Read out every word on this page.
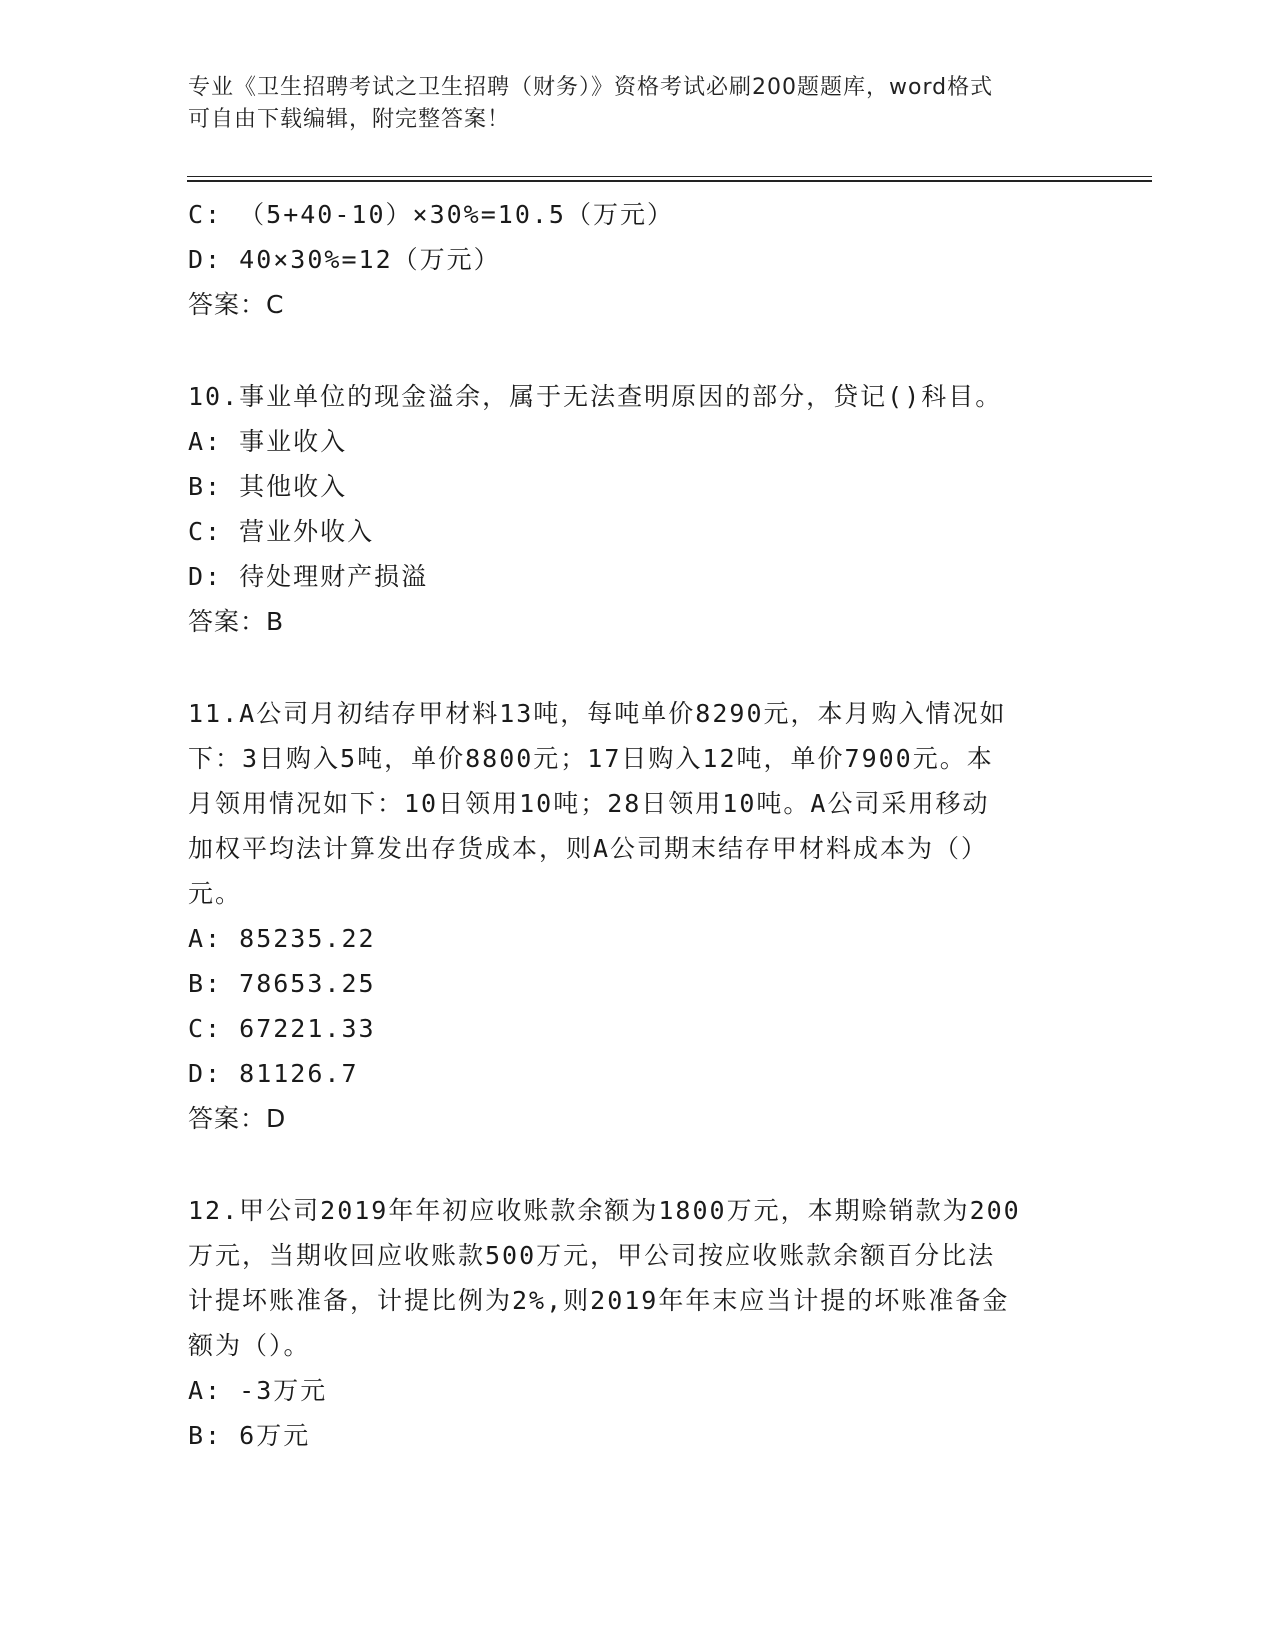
专业《卫生招聘考试之卫生招聘（财务）》资格考试必刷200题题库，word格式
可自由下载编辑，附完整答案！
C: （5+40-10）×30%=10.5（万元）
D: 40×30%=12（万元）
答案：C
10.事业单位的现金溢余，属于无法查明原因的部分，贷记()科目。
A: 事业收入
B: 其他收入
C: 营业外收入
D: 待处理财产损溢
答案：B
11.A公司月初结存甲材料13吨，每吨单价8290元，本月购入情况如
下：3日购入5吨，单价8800元；17日购入12吨，单价7900元。本
月领用情况如下：10日领用10吨；28日领用10吨。A公司采用移动
加权平均法计算发出存货成本，则A公司期末结存甲材料成本为（）
元。
A: 85235.22
B: 78653.25
C: 67221.33
D: 81126.7
答案：D
12.甲公司2019年年初应收账款余额为1800万元，本期赊销款为200
万元，当期收回应收账款500万元，甲公司按应收账款余额百分比法
计提坏账准备，计提比例为2%,则2019年年末应当计提的坏账准备金
额为（）。
A: -3万元
B: 6万元
